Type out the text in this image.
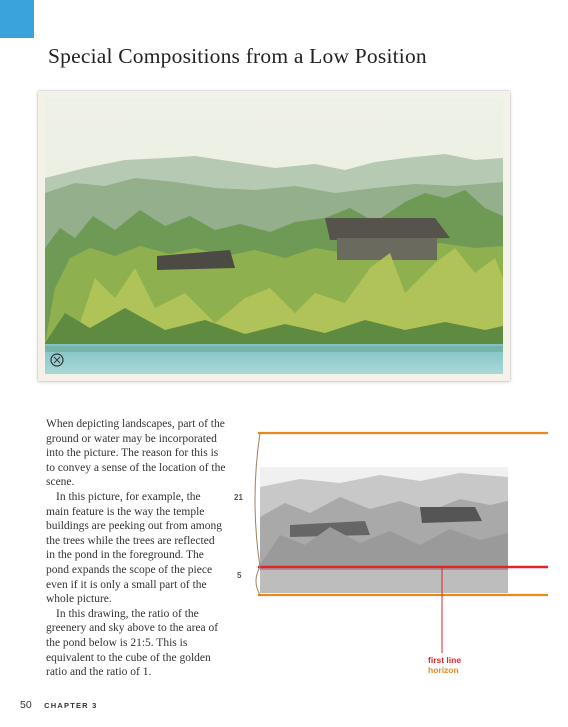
Special Compositions from a Low Position

When depicting landscapes, part of the ground or water may be incorporated into the picture. The reason for this is to convey a sense of the location of the scene.

In this picture, for example, the main feature is the way the temple buildings are peeking out from among the trees while the trees are reflected in the pond in the foreground. The pond expands the scope of the piece even if it is only a small part of the whole picture.

In this drawing, the ratio of the greenery and sky above to the area of the pond below is 21:5. This is equivalent to the cube of the golden ratio and the ratio of 1.

21
5
first line
horizon
50 CHAPTER 3
